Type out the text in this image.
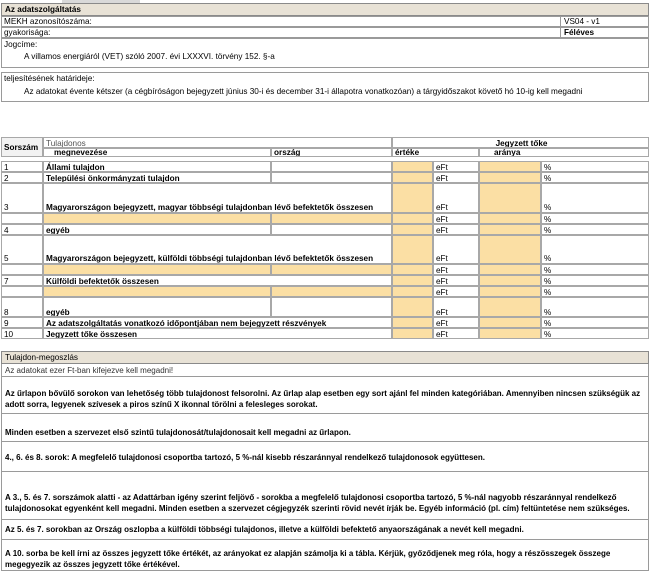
Az adatszolgáltatás
MEKH azonosítószáma:	VS04 - v1
gyakorisága:	Féléves
Jogcíme:
A villamos energiáról (VET) szóló 2007. évi LXXXVI. törvény 152. §-a
teljesítésének határideje:
Az adatokat évente kétszer (a cégbíróságon bejegyzett június 30-i és december 31-i állapotra vonatkozóan) a tárgyidőszakot követő hó 10-ig kell megadni
Sorszám Tulajdonos	Jegyzett tőke
megnevezése	ország	értéke	aránya
1	Állami tulajdon	eFt	%
2	Települési önkormányzati tulajdon	eFt	%
3	Magyarországon bejegyzett, magyar többségi tulajdonban lévő befektetők összesen	eFt	%
eFt	%
4	egyéb	eFt	%
5	Magyarországon bejegyzett, külföldi többségi tulajdonban lévő befektetők összesen	eFt	%
eFt	%
7	Külföldi befektetők összesen	eFt	%
eFt	%
8	egyéb	eFt	%
9	Az adatszolgáltatás vonatkozó időpontjában nem bejegyzett részvények	eFt	%
10	Jegyzett tőke összesen	eFt	%
Tulajdon-megoszlás
Az adatokat ezer Ft-ban kifejezve kell megadni!
Az űrlapon bővülő sorokon van lehetőség több tulajdonost felsorolni. Az űrlap alap esetben egy sort ajánl fel minden kategóriában. Amennyiben nincsen szükségük az adott sorra, legyenek szívesek a piros színű X ikonnal törölni a felesleges sorokat.
Minden esetben a szervezet első szintű tulajdonosát/tulajdonosait kell megadni az űrlapon.
4., 6. és 8. sorok: A megfelelő tulajdonosi csoportba tartozó, 5 %-nál kisebb részaránnyal rendelkező tulajdonosok együttesen.
A 3., 5. és 7. sorszámok alatti - az Adattárban igény szerint feljövő - sorokba a megfelelő tulajdonosi csoportba tartozó, 5 %-nál nagyobb részaránnyal rendelkező tulajdonosokat egyenként kell megadni. Minden esetben a szervezet cégjegyzék szerinti rövid nevét írják be. Egyéb információ (pl. cím) feltüntetése nem szükséges.
Az 5. és 7. sorokban az Ország oszlopba a külföldi többségi tulajdonos, illetve a külföldi befektető anyaországának a nevét kell megadni.
A 10. sorba be kell írni az összes jegyzett tőke értékét, az arányokat ez alapján számolja ki a tábla. Kérjük, győződjenek meg róla, hogy a részösszegek összege megegyezik az összes jegyzett tőke értékével.
